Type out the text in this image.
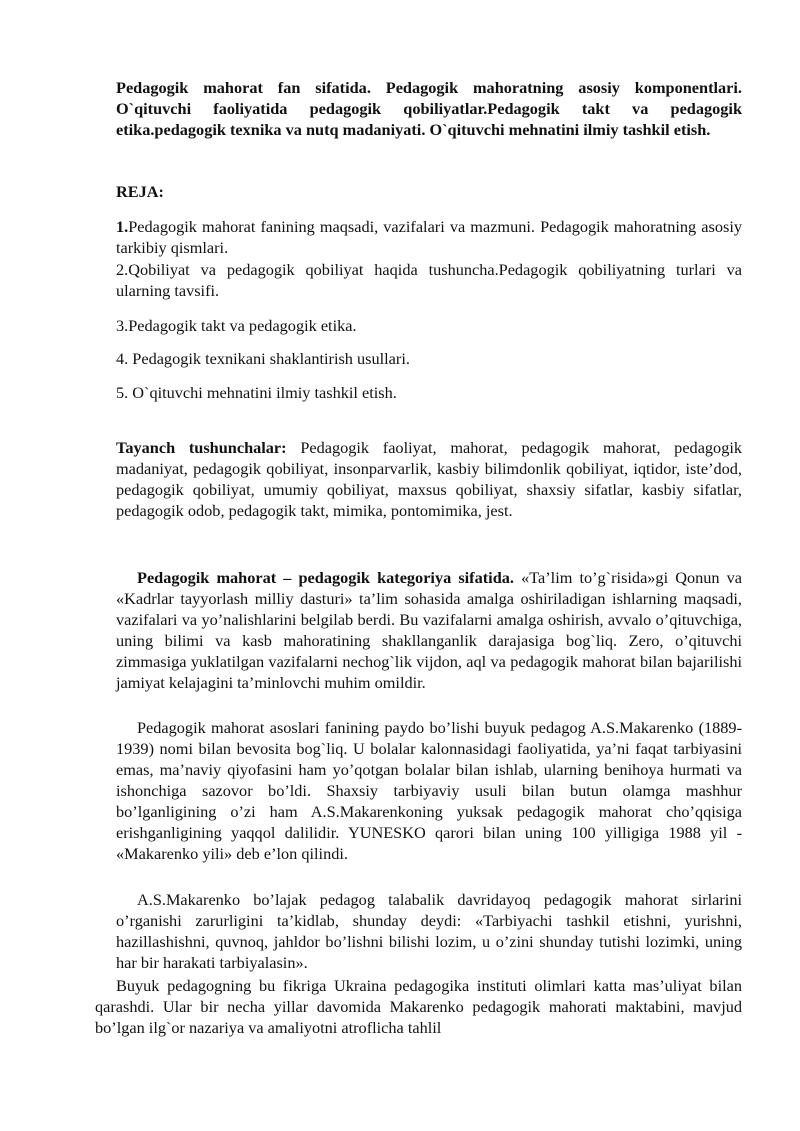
Pedagogik mahorat fan sifatida. Pedagogik mahoratning asosiy komponentlari. O`qituvchi faoliyatida pedagogik qobiliyatlar.Pedagogik takt va pedagogik etika.pedagogik texnika va nutq madaniyati. O`qituvchi mehnatini ilmiy tashkil etish.

REJA:

1.Pedagogik mahorat fanining maqsadi, vazifalari va mazmuni. Pedagogik mahoratning asosiy tarkibiy qismlari.

2.Qobiliyat va pedagogik qobiliyat haqida tushuncha.Pedagogik qobiliyatning turlari va ularning tavsifi.

3.Pedagogik takt va pedagogik etika.

4. Pedagogik texnikani shaklantirish usullari.

5. O`qituvchi mehnatini ilmiy tashkil etish.

Tayanch tushunchalar: Pedagogik faoliyat, mahorat, pedagogik mahorat, pedagogik madaniyat, pedagogik qobiliyat, insonparvarlik, kasbiy bilimdonlik qobiliyat, iqtidor, iste’dod, pedagogik qobiliyat, umumiy qobiliyat, maxsus qobiliyat, shaxsiy sifatlar, kasbiy sifatlar, pedagogik odob, pedagogik takt, mimika, pontomimika, jest.

Pedagogik mahorat – pedagogik kategoriya sifatida. «Ta’lim to’g`risida»gi Qonun va «Kadrlar tayyorlash milliy dasturi» ta’lim sohasida amalga oshiriladigan ishlarning maqsadi, vazifalari va yo’nalishlarini belgilab berdi. Bu vazifalarni amalga oshirish, avvalo o’qituvchiga, uning bilimi va kasb mahoratining shakllanganlik darajasiga bog`liq. Zero, o’qituvchi zimmasiga yuklatilgan vazifalarni nechog`lik vijdon, aql va pedagogik mahorat bilan bajarilishi jamiyat kelajagini ta’minlovchi muhim omildir.

Pedagogik mahorat asoslari fanining paydo bo’lishi buyuk pedagog A.S.Makarenko (1889-1939) nomi bilan bevosita bog`liq. U bolalar kalonnasidagi faoliyatida, ya’ni faqat tarbiyasini emas, ma’naviy qiyofasini ham yo’qotgan bolalar bilan ishlab, ularning benihoya hurmati va ishonchiga sazovor bo’ldi. Shaxsiy tarbiyaviy usuli bilan butun olamga mashhur bo’lganligining o’zi ham A.S.Makarenkoning yuksak pedagogik mahorat cho’qqisiga erishganligining yaqqol dalilidir. YUNESKO qarori bilan uning 100 yilligiga 1988 yil - «Makarenko yili» deb e’lon qilindi.

A.S.Makarenko bo’lajak pedagog talabalik davridayoq pedagogik mahorat sirlarini o’rganishi zarurligini ta’kidlab, shunday deydi: «Tarbiyachi tashkil etishni, yurishni, hazillashishni, quvnoq, jahldor bo’lishni bilishi lozim, u o’zini shunday tutishi lozimki, uning har bir harakati tarbiyalasin».

Buyuk pedagogning bu fikriga Ukraina pedagogika instituti olimlari katta mas’uliyat bilan qarashdi. Ular bir necha yillar davomida Makarenko pedagogik mahorati maktabini, mavjud bo’lgan ilg`or nazariya va amaliyotni atroflicha tahlil
